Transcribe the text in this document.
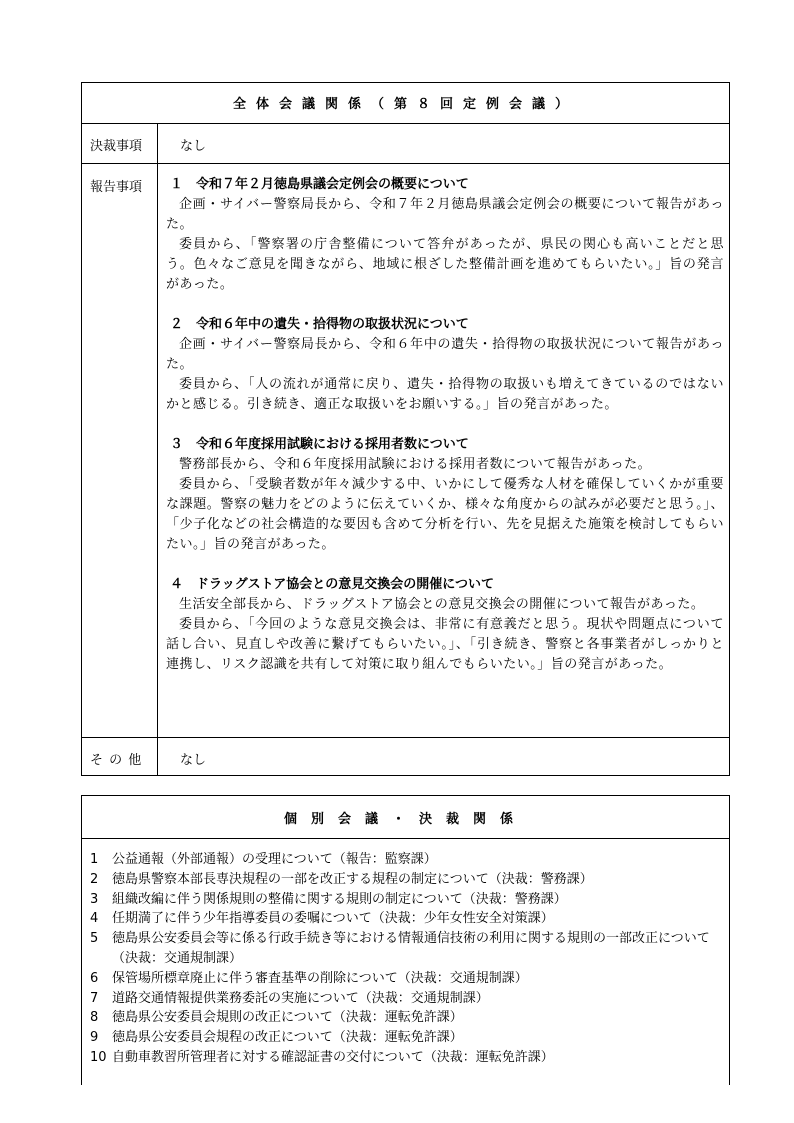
全体会議関係（第８回定例会議）
決裁事項	なし
報告事項	１ 令和７年２月徳島県議会定例会の概要について
企画・サイバー警察局長から、令和７年２月徳島県議会定例会の概要について報告があった。
委員から、「警察署の庁舎整備について答弁があったが、県民の関心も高いことだと思う。色々なご意見を聞きながら、地域に根ざした整備計画を進めてもらいたい。」旨の発言があった。
２ 令和６年中の遺失・拾得物の取扱状況について
企画・サイバー警察局長から、令和６年中の遺失・拾得物の取扱状況について報告があった。
委員から、「人の流れが通常に戻り、遺失・拾得物の取扱いも増えてきているのではないかと感じる。引き続き、適正な取扱いをお願いする。」旨の発言があった。
３ 令和６年度採用試験における採用者数について
警務部長から、令和６年度採用試験における採用者数について報告があった。
委員から、「受験者数が年々減少する中、いかにして優秀な人材を確保していくかが重要な課題。警察の魅力をどのように伝えていくか、様々な角度からの試みが必要だと思う。」、「少子化などの社会構造的な要因も含めて分析を行い、先を見据えた施策を検討してもらいたい。」旨の発言があった。
４ ドラッグストア協会との意見交換会の開催について
生活安全部長から、ドラッグストア協会との意見交換会の開催について報告があった。
委員から、「今回のような意見交換会は、非常に有意義だと思う。現状や問題点について話し合い、見直しや改善に繋げてもらいたい。」、「引き続き、警察と各事業者がしっかりと連携し、リスク認識を共有して対策に取り組んでもらいたい。」旨の発言があった。
そ の 他	なし
個別会議・決裁関係
1	公益通報（外部通報）の受理について（報告：監察課）
2	徳島県警察本部長専決規程の一部を改正する規程の制定について（決裁：警務課）
3	組織改編に伴う関係規則の整備に関する規則の制定について（決裁：警務課）
4	任期満了に伴う少年指導委員の委嘱について（決裁：少年女性安全対策課）
5	徳島県公安委員会等に係る行政手続き等における情報通信技術の利用に関する規則の一部改正について（決裁：交通規制課）
6	保管場所標章廃止に伴う審査基準の削除について（決裁：交通規制課）
7	道路交通情報提供業務委託の実施について（決裁：交通規制課）
8	徳島県公安委員会規則の改正について（決裁：運転免許課）
9	徳島県公安委員会規程の改正について（決裁：運転免許課）
10 自動車教習所管理者に対する確認証書の交付について（決裁：運転免許課）
